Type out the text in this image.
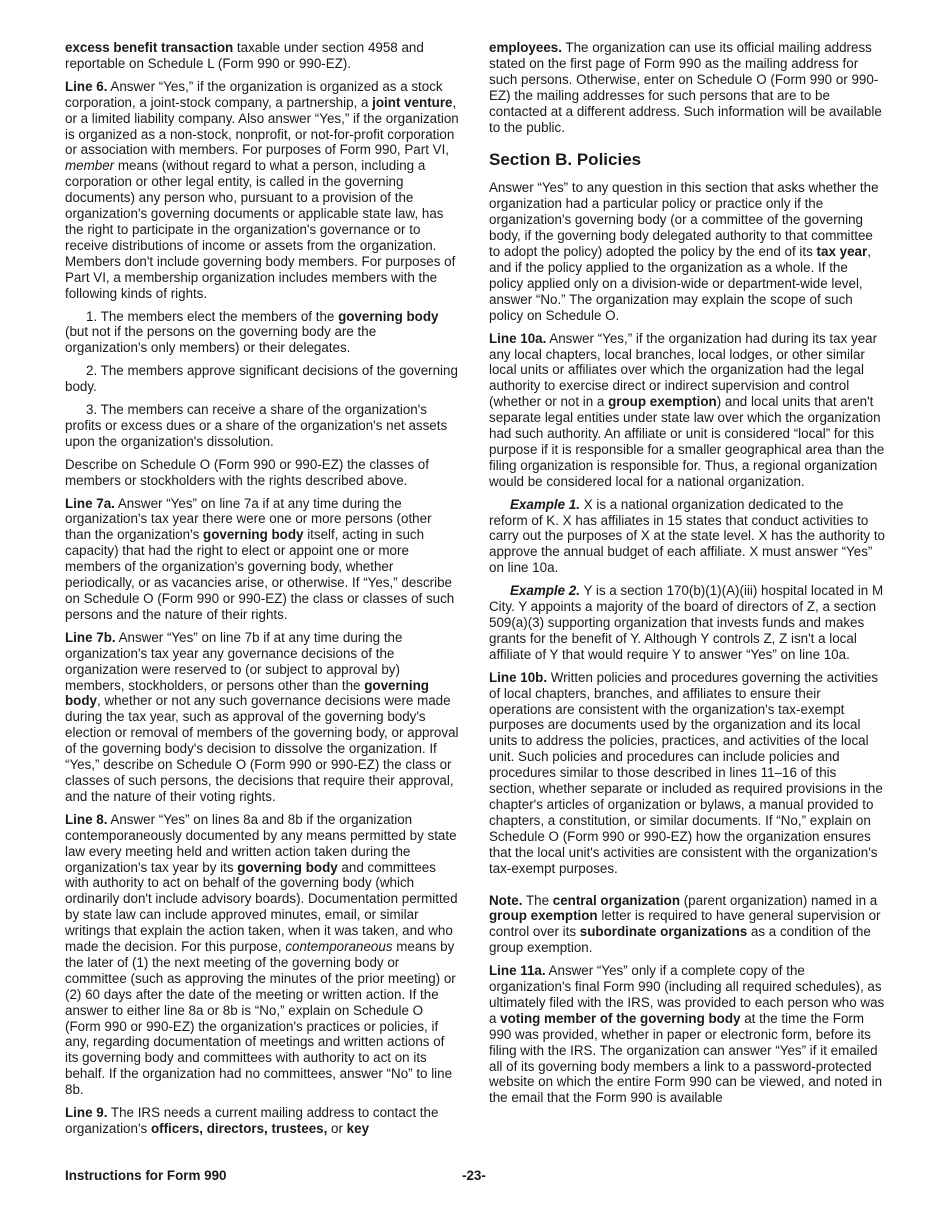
excess benefit transaction taxable under section 4958 and reportable on Schedule L (Form 990 or 990-EZ).

Line 6. Answer “Yes,” if the organization is organized as a stock corporation, a joint-stock company, a partnership, a joint venture, or a limited liability company. Also answer “Yes,” if the organization is organized as a non-stock, nonprofit, or not-for-profit corporation or association with members. For purposes of Form 990, Part VI, member means (without regard to what a person, including a corporation or other legal entity, is called in the governing documents) any person who, pursuant to a provision of the organization's governing documents or applicable state law, has the right to participate in the organization's governance or to receive distributions of income or assets from the organization. Members don't include governing body members. For purposes of Part VI, a membership organization includes members with the following kinds of rights.

1. The members elect the members of the governing body (but not if the persons on the governing body are the organization's only members) or their delegates.

2. The members approve significant decisions of the governing body.

3. The members can receive a share of the organization's profits or excess dues or a share of the organization's net assets upon the organization's dissolution.

Describe on Schedule O (Form 990 or 990-EZ) the classes of members or stockholders with the rights described above.

Line 7a. Answer “Yes” on line 7a if at any time during the organization's tax year there were one or more persons (other than the organization's governing body itself, acting in such capacity) that had the right to elect or appoint one or more members of the organization's governing body, whether periodically, or as vacancies arise, or otherwise. If “Yes,” describe on Schedule O (Form 990 or 990-EZ) the class or classes of such persons and the nature of their rights.

Line 7b. Answer “Yes” on line 7b if at any time during the organization's tax year any governance decisions of the organization were reserved to (or subject to approval by) members, stockholders, or persons other than the governing body, whether or not any such governance decisions were made during the tax year, such as approval of the governing body's election or removal of members of the governing body, or approval of the governing body's decision to dissolve the organization. If “Yes,” describe on Schedule O (Form 990 or 990-EZ) the class or classes of such persons, the decisions that require their approval, and the nature of their voting rights.

Line 8. Answer “Yes” on lines 8a and 8b if the organization contemporaneously documented by any means permitted by state law every meeting held and written action taken during the organization's tax year by its governing body and committees with authority to act on behalf of the governing body (which ordinarily don't include advisory boards). Documentation permitted by state law can include approved minutes, email, or similar writings that explain the action taken, when it was taken, and who made the decision. For this purpose, contemporaneous means by the later of (1) the next meeting of the governing body or committee (such as approving the minutes of the prior meeting) or (2) 60 days after the date of the meeting or written action. If the answer to either line 8a or 8b is “No,” explain on Schedule O (Form 990 or 990-EZ) the organization's practices or policies, if any, regarding documentation of meetings and written actions of its governing body and committees with authority to act on its behalf. If the organization had no committees, answer “No” to line 8b.

Line 9. The IRS needs a current mailing address to contact the organization's officers, directors, trustees, or key

employees. The organization can use its official mailing address stated on the first page of Form 990 as the mailing address for such persons. Otherwise, enter on Schedule O (Form 990 or 990-EZ) the mailing addresses for such persons that are to be contacted at a different address. Such information will be available to the public.

Section B. Policies

Answer “Yes” to any question in this section that asks whether the organization had a particular policy or practice only if the organization's governing body (or a committee of the governing body, if the governing body delegated authority to that committee to adopt the policy) adopted the policy by the end of its tax year, and if the policy applied to the organization as a whole. If the policy applied only on a division-wide or department-wide level, answer “No.” The organization may explain the scope of such policy on Schedule O.

Line 10a. Answer “Yes,” if the organization had during its tax year any local chapters, local branches, local lodges, or other similar local units or affiliates over which the organization had the legal authority to exercise direct or indirect supervision and control (whether or not in a group exemption) and local units that aren't separate legal entities under state law over which the organization had such authority. An affiliate or unit is considered “local” for this purpose if it is responsible for a smaller geographical area than the filing organization is responsible for. Thus, a regional organization would be considered local for a national organization.

Example 1. X is a national organization dedicated to the reform of K. X has affiliates in 15 states that conduct activities to carry out the purposes of X at the state level. X has the authority to approve the annual budget of each affiliate. X must answer “Yes” on line 10a.

Example 2. Y is a section 170(b)(1)(A)(iii) hospital located in M City. Y appoints a majority of the board of directors of Z, a section 509(a)(3) supporting organization that invests funds and makes grants for the benefit of Y. Although Y controls Z, Z isn't a local affiliate of Y that would require Y to answer “Yes” on line 10a.

Line 10b. Written policies and procedures governing the activities of local chapters, branches, and affiliates to ensure their operations are consistent with the organization's tax-exempt purposes are documents used by the organization and its local units to address the policies, practices, and activities of the local unit. Such policies and procedures can include policies and procedures similar to those described in lines 11–16 of this section, whether separate or included as required provisions in the chapter's articles of organization or bylaws, a manual provided to chapters, a constitution, or similar documents. If “No,” explain on Schedule O (Form 990 or 990-EZ) how the organization ensures that the local unit's activities are consistent with the organization's tax-exempt purposes.

Note. The central organization (parent organization) named in a group exemption letter is required to have general supervision or control over its subordinate organizations as a condition of the group exemption.

Line 11a. Answer “Yes” only if a complete copy of the organization's final Form 990 (including all required schedules), as ultimately filed with the IRS, was provided to each person who was a voting member of the governing body at the time the Form 990 was provided, whether in paper or electronic form, before its filing with the IRS. The organization can answer “Yes” if it emailed all of its governing body members a link to a password-protected website on which the entire Form 990 can be viewed, and noted in the email that the Form 990 is available

Instructions for Form 990	-23-
